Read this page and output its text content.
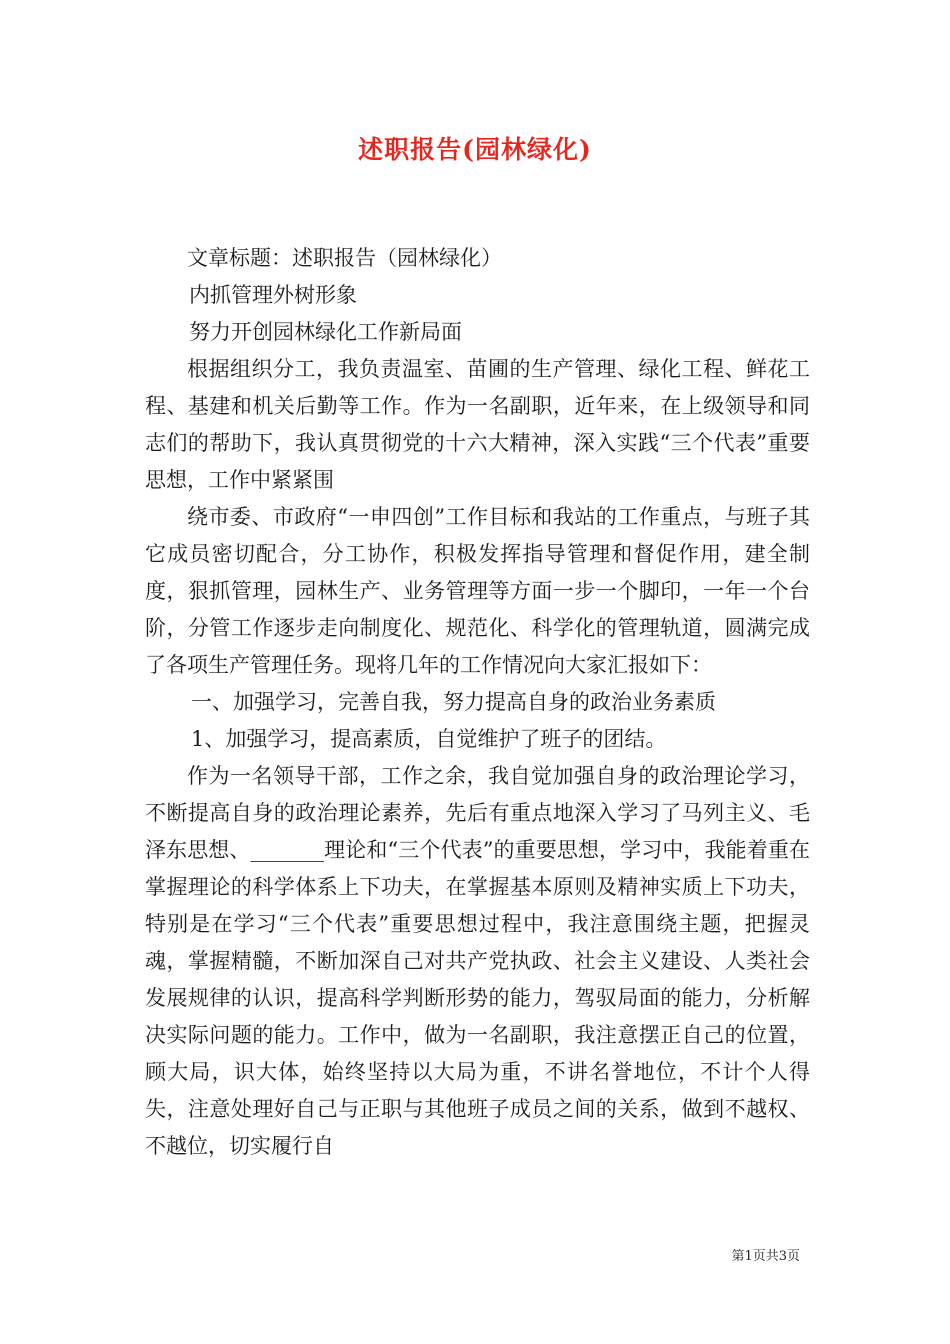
述职报告(园林绿化)

文章标题：述职报告（园林绿化）

内抓管理外树形象

努力开创园林绿化工作新局面

根据组织分工，我负责温室、苗圃的生产管理、绿化工程、鲜花工程、基建和机关后勤等工作。作为一名副职，近年来，在上级领导和同志们的帮助下，我认真贯彻党的十六大精神，深入实践“三个代表”重要思想，工作中紧紧围

绕市委、市政府“一申四创”工作目标和我站的工作重点，与班子其它成员密切配合，分工协作，积极发挥指导管理和督促作用，建全制度，狠抓管理，园林生产、业务管理等方面一步一个脚印，一年一个台阶，分管工作逐步走向制度化、规范化、科学化的管理轨道，圆满完成了各项生产管理任务。现将几年的工作情况向大家汇报如下：

一、加强学习，完善自我，努力提高自身的政治业务素质

1、加强学习，提高素质，自觉维护了班子的团结。

作为一名领导干部，工作之余，我自觉加强自身的政治理论学习，不断提高自身的政治理论素养，先后有重点地深入学习了马列主义、毛泽东思想、_______理论和“三个代表”的重要思想，学习中，我能着重在掌握理论的科学体系上下功夫，在掌握基本原则及精神实质上下功夫，特别是在学习“三个代表”重要思想过程中，我注意围绕主题，把握灵魂，掌握精髓，不断加深自己对共产党执政、社会主义建设、人类社会发展规律的认识，提高科学判断形势的能力，驾驭局面的能力，分析解决实际问题的能力。工作中，做为一名副职，我注意摆正自己的位置，顾大局，识大体，始终坚持以大局为重，不讲名誉地位，不计个人得失，注意处理好自己与正职与其他班子成员之间的关系，做到不越权、不越位，切实履行自

第1页共3页
